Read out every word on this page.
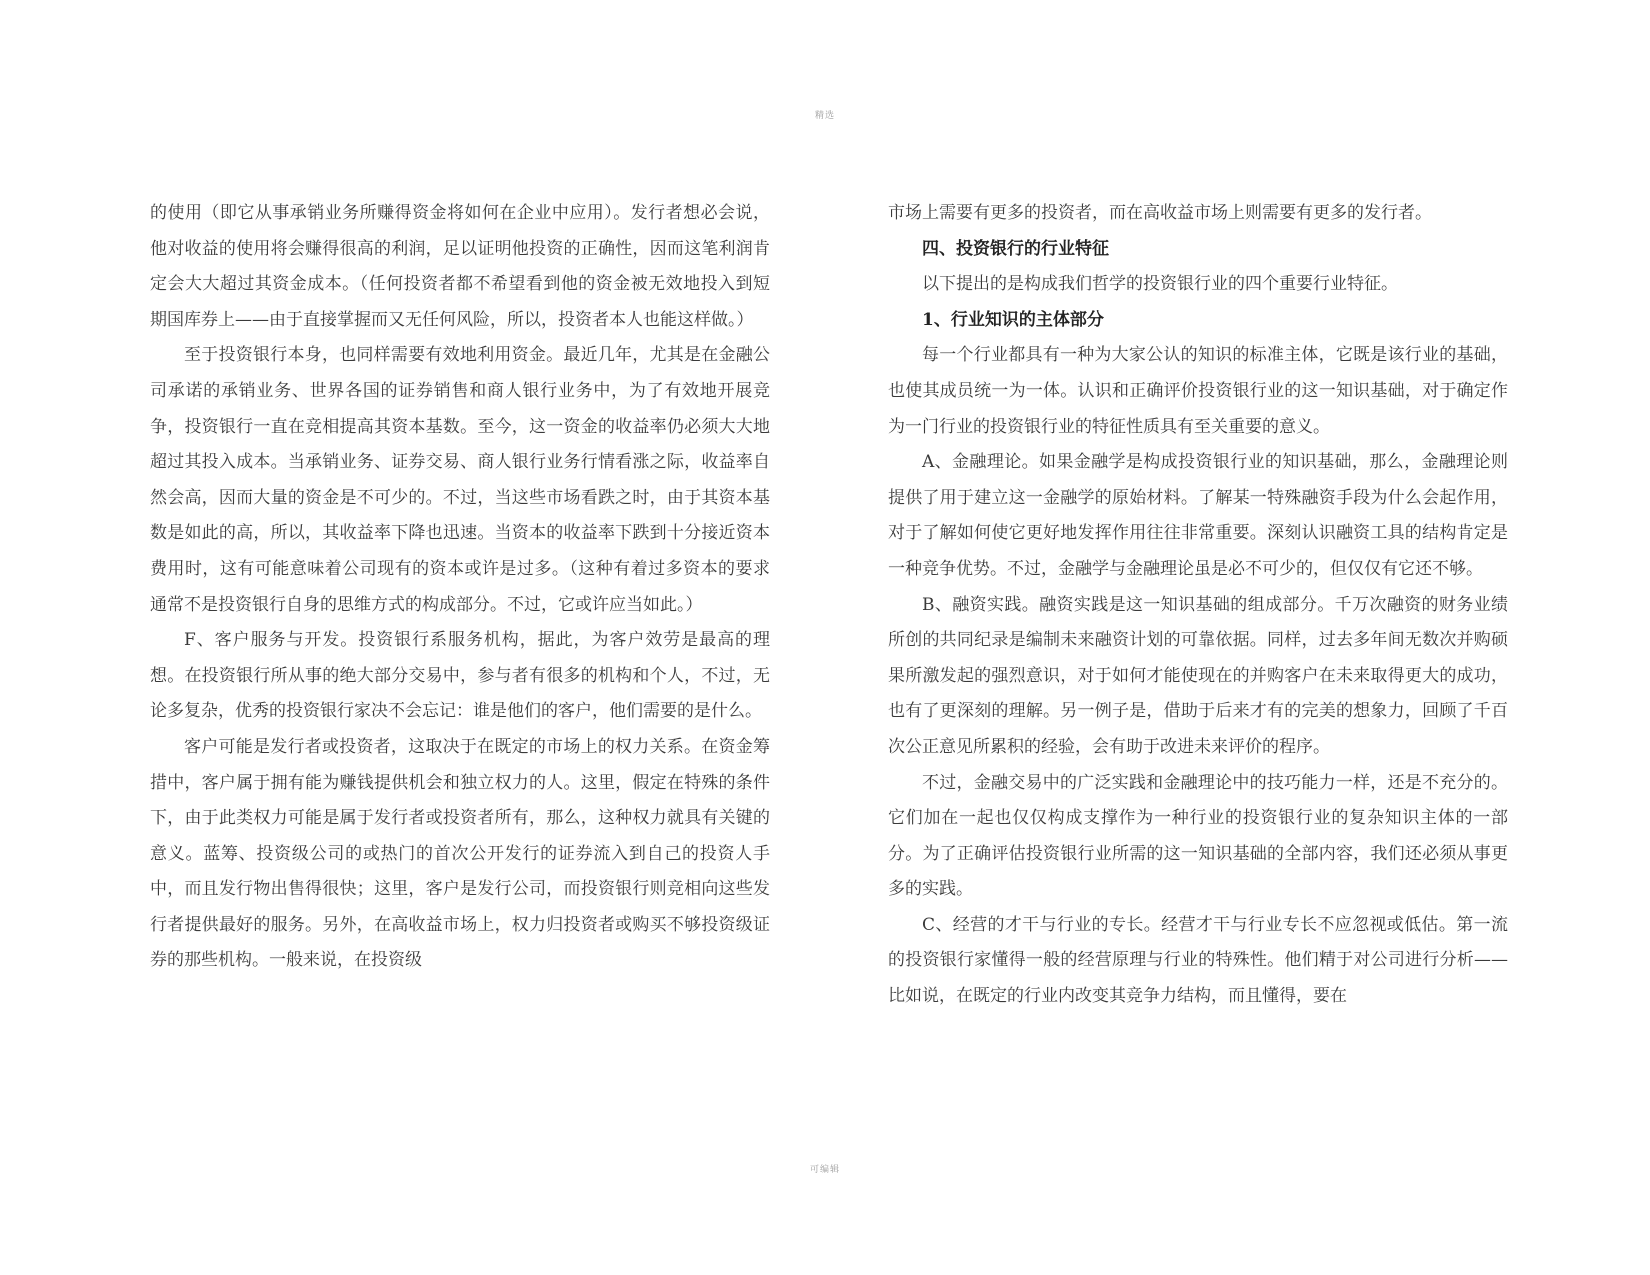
精选

的使用（即它从事承销业务所赚得资金将如何在企业中应用）。发行者想必会说，他对收益的使用将会赚得很高的利润，足以证明他投资的正确性，因而这笔利润肯定会大大超过其资金成本。（任何投资者都不希望看到他的资金被无效地投入到短期国库券上——由于直接掌握而又无任何风险，所以，投资者本人也能这样做。）

至于投资银行本身，也同样需要有效地利用资金。最近几年，尤其是在金融公司承诺的承销业务、世界各国的证券销售和商人银行业务中，为了有效地开展竞争，投资银行一直在竞相提高其资本基数。至今，这一资金的收益率仍必须大大地超过其投入成本。当承销业务、证券交易、商人银行业务行情看涨之际，收益率自然会高，因而大量的资金是不可少的。不过，当这些市场看跌之时，由于其资本基数是如此的高，所以，其收益率下降也迅速。当资本的收益率下跌到十分接近资本费用时，这有可能意味着公司现有的资本或许是过多。（这种有着过多资本的要求通常不是投资银行自身的思维方式的构成部分。不过，它或许应当如此。）

F、客户服务与开发。投资银行系服务机构，据此，为客户效劳是最高的理想。在投资银行所从事的绝大部分交易中，参与者有很多的机构和个人，不过，无论多复杂，优秀的投资银行家决不会忘记：谁是他们的客户，他们需要的是什么。

客户可能是发行者或投资者，这取决于在既定的市场上的权力关系。在资金筹措中，客户属于拥有能为赚钱提供机会和独立权力的人。这里，假定在特殊的条件下，由于此类权力可能是属于发行者或投资者所有，那么，这种权力就具有关键的意义。蓝筹、投资级公司的或热门的首次公开发行的证券流入到自己的投资人手中，而且发行物出售得很快；这里，客户是发行公司，而投资银行则竞相向这些发行者提供最好的服务。另外，在高收益市场上，权力归投资者或购买不够投资级证券的那些机构。一般来说，在投资级

市场上需要有更多的投资者，而在高收益市场上则需要有更多的发行者。

四、投资银行的行业特征

以下提出的是构成我们哲学的投资银行业的四个重要行业特征。

1、行业知识的主体部分

每一个行业都具有一种为大家公认的知识的标准主体，它既是该行业的基础，也使其成员统一为一体。认识和正确评价投资银行业的这一知识基础，对于确定作为一门行业的投资银行业的特征性质具有至关重要的意义。

A、金融理论。如果金融学是构成投资银行业的知识基础，那么，金融理论则提供了用于建立这一金融学的原始材料。了解某一特殊融资手段为什么会起作用，对于了解如何使它更好地发挥作用往往非常重要。深刻认识融资工具的结构肯定是一种竞争优势。不过，金融学与金融理论虽是必不可少的，但仅仅有它还不够。

B、融资实践。融资实践是这一知识基础的组成部分。千万次融资的财务业绩所创的共同纪录是编制未来融资计划的可靠依据。同样，过去多年间无数次并购硕果所激发起的强烈意识，对于如何才能使现在的并购客户在未来取得更大的成功，也有了更深刻的理解。另一例子是，借助于后来才有的完美的想象力，回顾了千百次公正意见所累积的经验，会有助于改进未来评价的程序。

不过，金融交易中的广泛实践和金融理论中的技巧能力一样，还是不充分的。它们加在一起也仅仅构成支撑作为一种行业的投资银行业的复杂知识主体的一部分。为了正确评估投资银行业所需的这一知识基础的全部内容，我们还必须从事更多的实践。

C、经营的才干与行业的专长。经营才干与行业专长不应忽视或低估。第一流的投资银行家懂得一般的经营原理与行业的特殊性。他们精于对公司进行分析——比如说，在既定的行业内改变其竞争力结构，而且懂得，要在

可编辑
